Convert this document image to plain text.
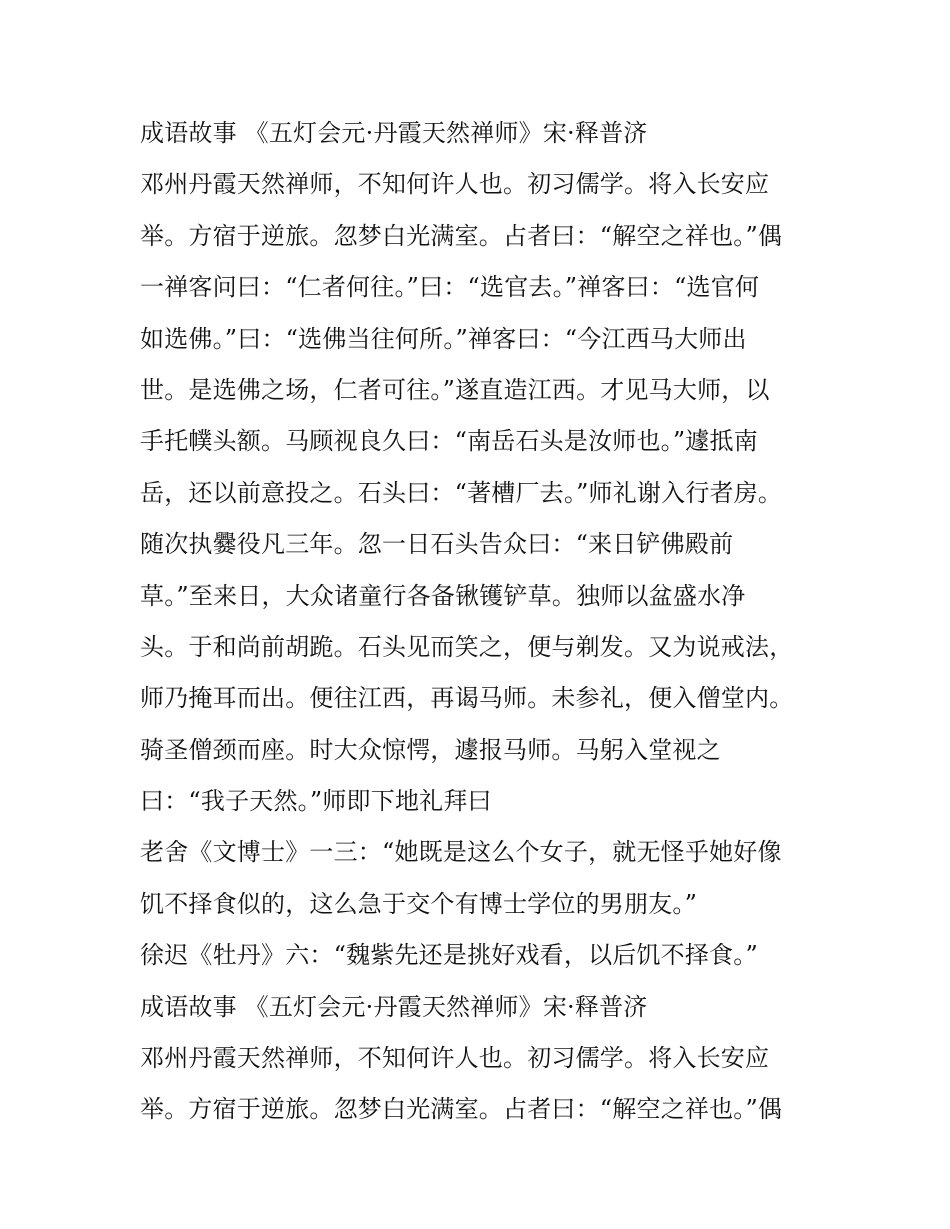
成语故事 《五灯会元·丹霞天然禅师》宋·释普济
邓州丹霞天然禅师，不知何许人也。初习儒学。将入长安应
举。方宿于逆旅。忽梦白光满室。占者曰：“解空之祥也。”偶
一禅客问曰：“仁者何往。”曰：“选官去。”禅客曰：“选官何
如选佛。”曰：“选佛当往何所。”禅客曰：“今江西马大师出
世。是选佛之场，仁者可往。”遂直造江西。才见马大师，以
手托幞头额。马顾视良久曰：“南岳石头是汝师也。”遽抵南
岳，还以前意投之。石头曰：“著槽厂去。”师礼谢入行者房。
随次执爨役凡三年。忽一日石头告众曰：“来日铲佛殿前
草。”至来日，大众诸童行各备锹镬铲草。独师以盆盛水净
头。于和尚前胡跪。石头见而笑之，便与剃发。又为说戒法，
师乃掩耳而出。便往江西，再谒马师。未参礼，便入僧堂内。
骑圣僧颈而座。时大众惊愕，遽报马师。马躬入堂视之
曰：“我子天然。”师即下地礼拜曰
老舍《文博士》一三：“她既是这么个女子，就无怪乎她好像
饥不择食似的，这么急于交个有博士学位的男朋友。”
徐迟《牡丹》六：“魏紫先还是挑好戏看，以后饥不择食。”
成语故事 《五灯会元·丹霞天然禅师》宋·释普济
邓州丹霞天然禅师，不知何许人也。初习儒学。将入长安应
举。方宿于逆旅。忽梦白光满室。占者曰：“解空之祥也。”偶
